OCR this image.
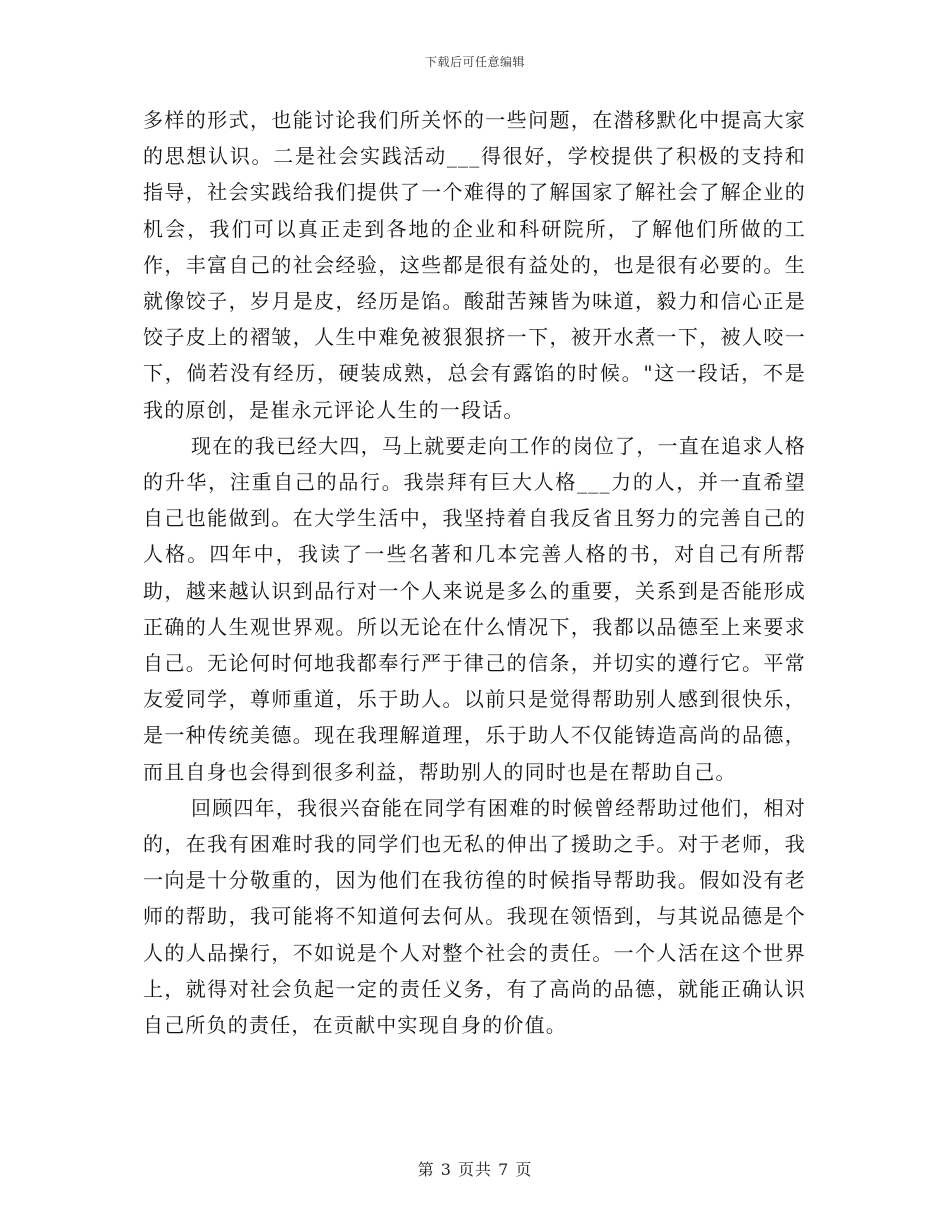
下载后可任意编辑

多样的形式，也能讨论我们所关怀的一些问题，在潜移默化中提高大家的思想认识。二是社会实践活动___得很好，学校提供了积极的支持和指导，社会实践给我们提供了一个难得的了解国家了解社会了解企业的机会，我们可以真正走到各地的企业和科研院所，了解他们所做的工作，丰富自己的社会经验，这些都是很有益处的，也是很有必要的。生就像饺子，岁月是皮，经历是馅。酸甜苦辣皆为味道，毅力和信心正是饺子皮上的褶皱，人生中难免被狠狠挤一下，被开水煮一下，被人咬一下，倘若没有经历，硬装成熟，总会有露馅的时候。"这一段话，不是我的原创，是崔永元评论人生的一段话。

现在的我已经大四，马上就要走向工作的岗位了，一直在追求人格的升华，注重自己的品行。我崇拜有巨大人格___力的人，并一直希望自己也能做到。在大学生活中，我坚持着自我反省且努力的完善自己的人格。四年中，我读了一些名著和几本完善人格的书，对自己有所帮助，越来越认识到品行对一个人来说是多么的重要，关系到是否能形成正确的人生观世界观。所以无论在什么情况下，我都以品德至上来要求自己。无论何时何地我都奉行严于律己的信条，并切实的遵行它。平常友爱同学，尊师重道，乐于助人。以前只是觉得帮助别人感到很快乐，是一种传统美德。现在我理解道理，乐于助人不仅能铸造高尚的品德，而且自身也会得到很多利益，帮助别人的同时也是在帮助自己。

回顾四年，我很兴奋能在同学有困难的时候曾经帮助过他们，相对的，在我有困难时我的同学们也无私的伸出了援助之手。对于老师，我一向是十分敬重的，因为他们在我彷徨的时候指导帮助我。假如没有老师的帮助，我可能将不知道何去何从。我现在领悟到，与其说品德是个人的人品操行，不如说是个人对整个社会的责任。一个人活在这个世界上，就得对社会负起一定的责任义务，有了高尚的品德，就能正确认识自己所负的责任，在贡献中实现自身的价值。

第 3 页共 7 页
